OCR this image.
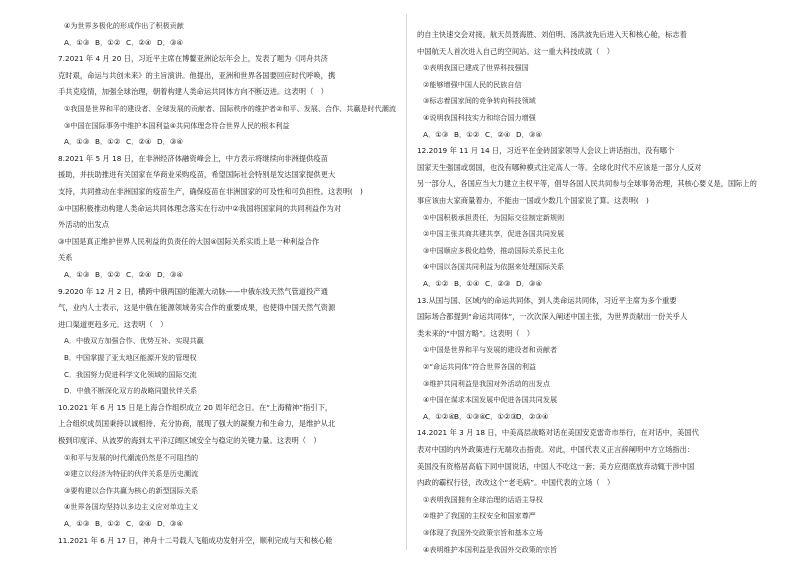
④为世界多极化的形成作出了积极贡献
A．①③ B．①② C．②④ D．③④
7.2021 年 4 月 20 日，习近平主席在博鳌亚洲论坛年会上，发表了题为《同舟共济
克时艰，命运与共创未来》的主旨演讲。他提出，亚洲和世界各国要回应时代呼唤，携
手共克疫情，加强全球治理，朝着构建人类命运共同体方向不断迈进。这表明（　）
①我国是世界和平的建设者、全球发展的贡献者、国际秩序的维护者②和平、发展、合作、共赢是时代潮流
③中国在国际事务中维护本国利益④共同体理念符合世界人民的根本利益
A．①③ B．①② C．②④ D．③④
8.2021 年 5 月 18 日，在非洲经济体融资峰会上，中方表示将继续向非洲提供疫苗
援助，并扶助推进有关国家在华商业采购疫苗，希望国际社会特别是发达国家提供更大
支持，共同推动在非洲国家的疫苗生产，确保疫苗在非洲国家的可及性和可负担性。这表明(　)
①中国积极推动构建人类命运共同体理念落实在行动中②我国将国家间的共同利益作为对
外活动的出发点
③中国是真正维护世界人民利益的负责任的大国④国际关系实质上是一种利益合作
关系
A．①③ B．①② C．②④ D．③④
9.2020 年 12 月 2 日，横跨中俄两国的能源大动脉——中俄东线天然气管道投产通
气，业内人士表示，这是中俄在能源领域务实合作的重要成果，也使得中国天然气资源
进口渠道更趋多元。这表明（　）
A．中俄双方加强合作、优势互补、实现共赢
B．中国掌握了亚太地区能源开发的管理权
C．我国努力促进科学文化领域的国际交流
D．中俄不断深化双方的战略同盟伙伴关系
10.2021 年 6 月 15 日是上海合作组织成立 20 周年纪念日。在“上海精神”指引下，
上合组织成员国秉持以诚相待、充分协商，展现了强大的凝聚力和生命力，是维护从北
极到印度洋、从波罗的海到太平洋辽阔区域安全与稳定的关键力量。这表明（　）
①和平与发展的时代潮流仍然是不可阻挡的
②建立以经济为特征的伙伴关系是历史潮流
③要构建以合作共赢为核心的新型国际关系
④世界各国均坚持以多边主义应对单边主义
A．①③ B．①② C．②④ D．③④
11.2021 年 6 月 17 日，神舟十二号载人飞船成功发射升空，顺利完成与天和核心舱
的自主快速交会对接。航天员聂海胜、刘伯明、汤洪波先后进入天和核心舱，标志着
中国航天人首次进入自己的空间站。这一重大科技成就（　）
①表明我国已建成了世界科技强国
②能够增强中国人民的民族自信
③标志着国家间的竞争转向科技领域
④说明我国科技实力和综合国力增强
A．①③ B．①② C．②④ D．③④
12.2019 年 11 月 14 日，习近平在金砖国家领导人会议上讲话指出，没有哪个
国家天生强国或弱国，也没有哪种模式注定高人一等。全球化时代不应该是一部分人反对
另一部分人，各国应当大力建立主权平等，倡导各国人民共同参与全球事务治理，其核心要义是，国际上的
事应该由大家商量着办，不能由一国或少数几个国家说了算。这表明(　)
①中国积极承担责任，为国际交往制定新规则
②中国主张共商共建共享，促进各国共同发展
③中国顺应多极化趋势，推动国际关系民主化
④中国以各国共同利益为依据来处理国际关系
A．①② B．①④ C．②③ D．③④
13.从国与国、区域内的命运共同体，到人类命运共同体，习近平主席为多个重要
国际场合都提到“命运共同体”，一次次深入阐述中国主张，为世界贡献出一份关乎人
类未来的“中国方略”。这表明（　）
①中国是世界和平与发展的建设者和贡献者
②“命运共同体”符合世界各国的利益
③维护共同利益是我国对外活动的出发点
④中国在谋求本国发展中促进各国共同发展
A．①②④B．①③④C．①②③D．②③④
14.2021 年 3 月 18 日，中美高层战略对话在美国安克雷奇市举行，在对话中，美国代
表对中国的内外政策进行无端攻击指责。对此，中国代表义正言辞阐明中方立场指出：
美国没有资格居高临下同中国说话，中国人不吃这一套；美方应彻底放弃动辄干涉中国
内政的霸权行径，改改这个“老毛病”。中国代表的立场（　）
①表明我国拥有全球治理的话语主导权
②维护了我国的主权安全和国家尊严
③体现了我国外交政策宗旨和基本立场
④表明维护本国利益是我国外交政策的宗旨
